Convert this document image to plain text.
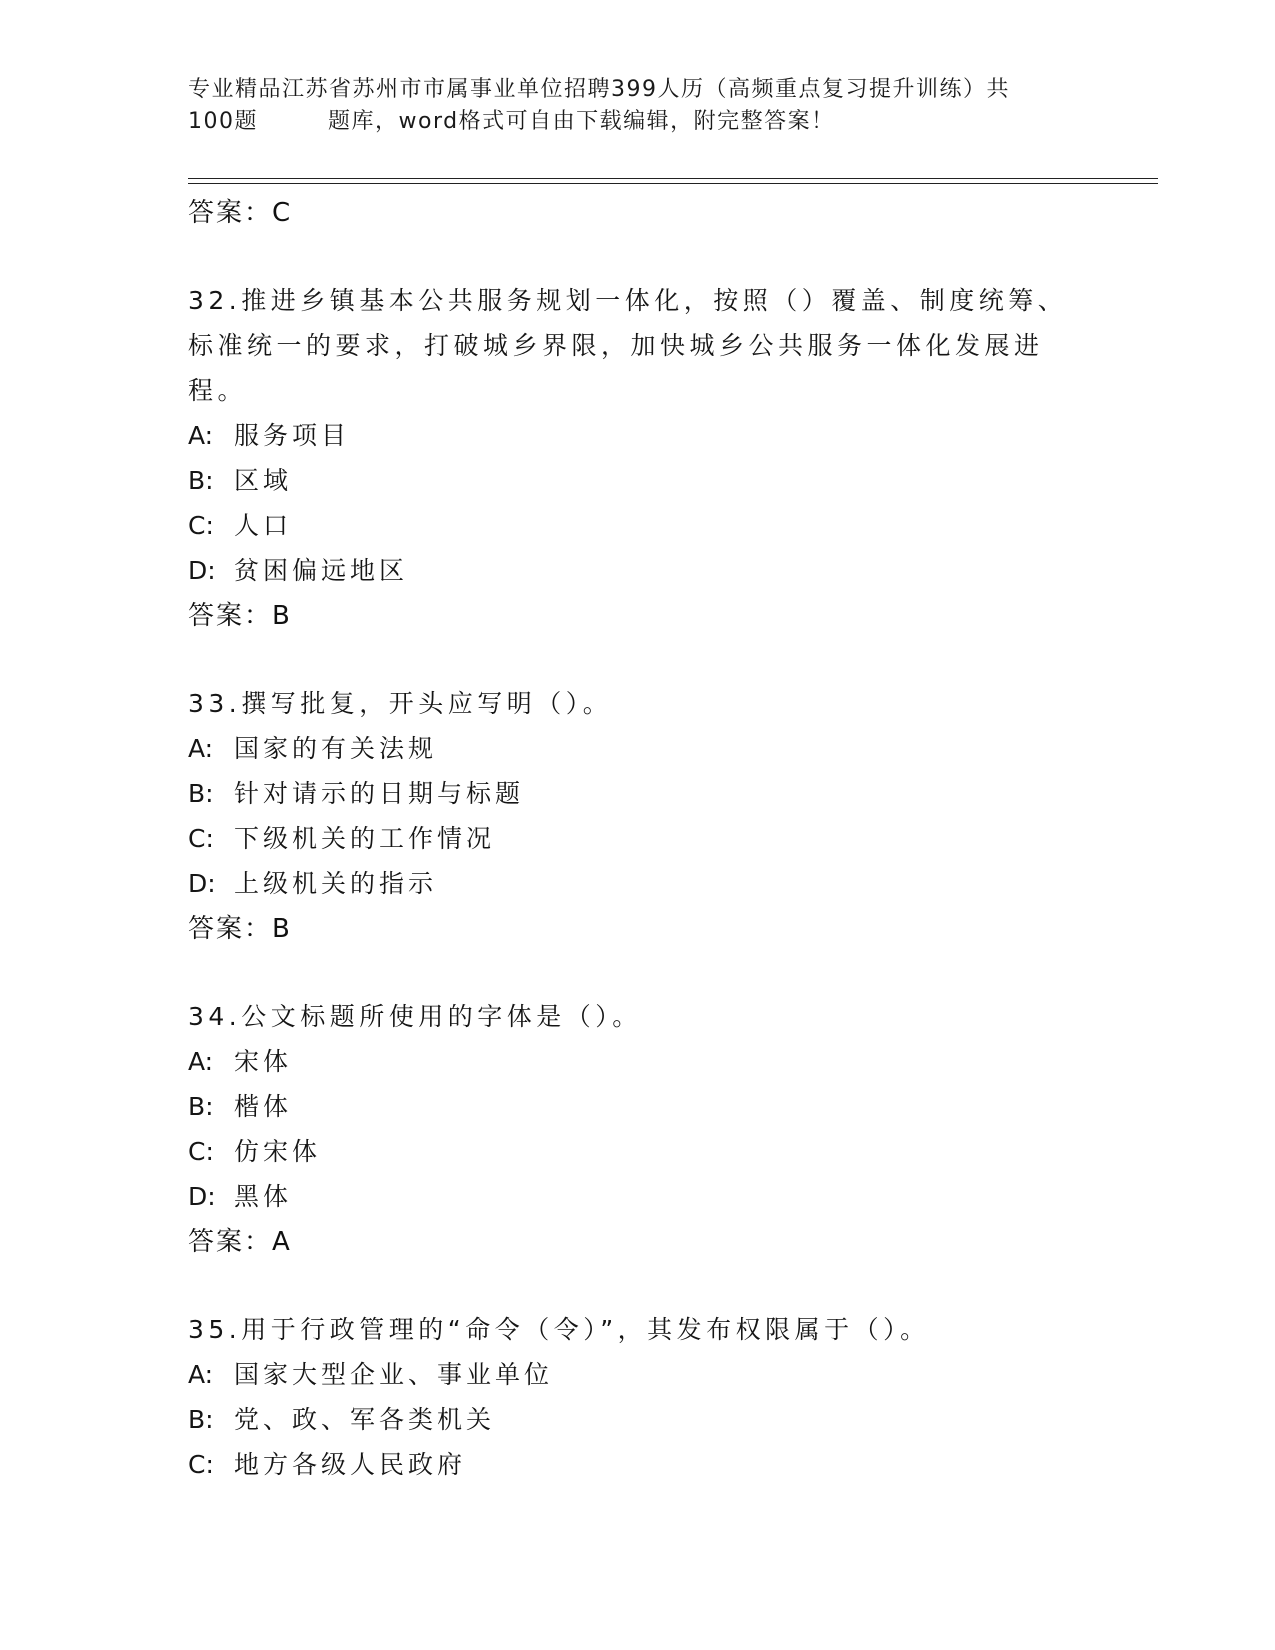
专业精品江苏省苏州市市属事业单位招聘399人历（高频重点复习提升训练）共
100题	题库，word格式可自由下载编辑，附完整答案！
答案：C
32.推进乡镇基本公共服务规划一体化，按照（）覆盖、制度统筹、标准统一的要求，打破城乡界限，加快城乡公共服务一体化发展进程。
A: 服务项目
B: 区域
C: 人口
D: 贫困偏远地区
答案：B
33.撰写批复，开头应写明（）。
A: 国家的有关法规
B: 针对请示的日期与标题
C: 下级机关的工作情况
D: 上级机关的指示
答案：B
34.公文标题所使用的字体是（）。
A: 宋体
B: 楷体
C: 仿宋体
D: 黑体
答案：A
35.用于行政管理的“命令（令）”，其发布权限属于（）。
A: 国家大型企业、事业单位
B: 党、政、军各类机关
C: 地方各级人民政府
